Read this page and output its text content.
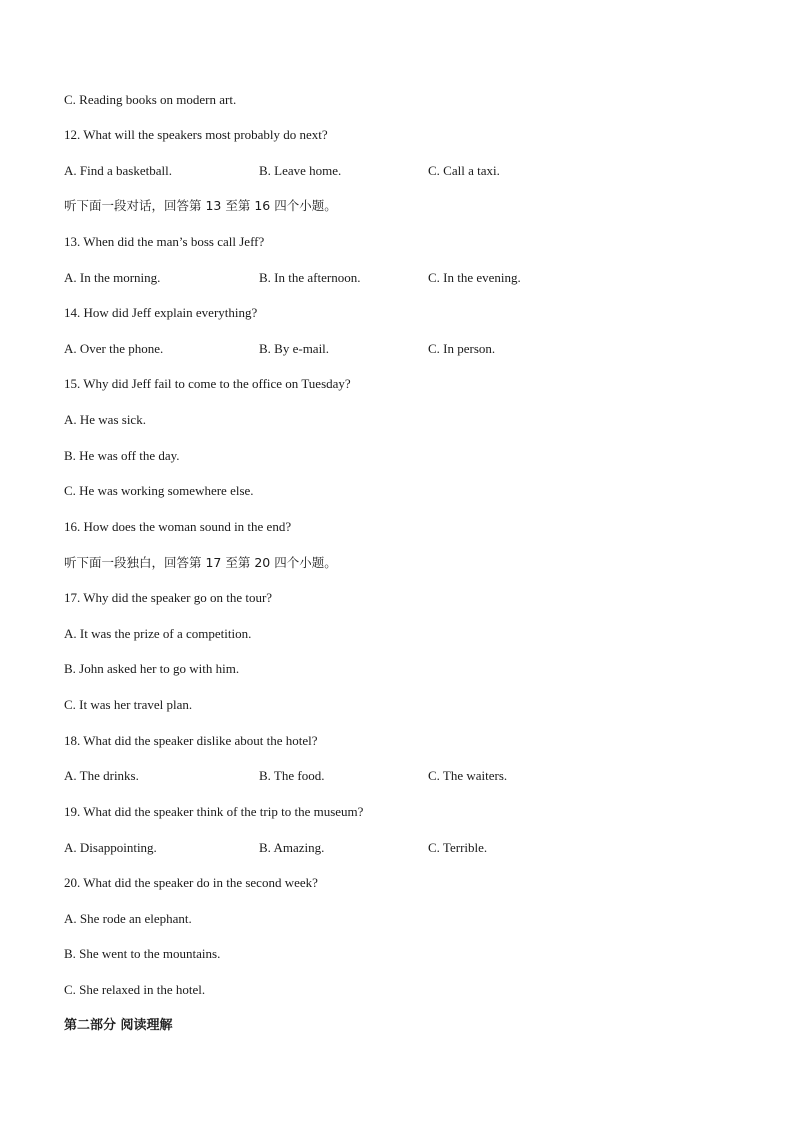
C. Reading books on modern art.
12. What will the speakers most probably do next?
A. Find a basketball.	B. Leave home.	C. Call a taxi.
听下面一段对话，回答第 13 至第 16 四个小题。
13. When did the man’s boss call Jeff?
A. In the morning.	B. In the afternoon.	C. In the evening.
14. How did Jeff explain everything?
A. Over the phone.	B. By e-mail.	C. In person.
15. Why did Jeff fail to come to the office on Tuesday?
A. He was sick.
B. He was off the day.
C. He was working somewhere else.
16. How does the woman sound in the end?
听下面一段独白，回答第 17 至第 20 四个小题。
17. Why did the speaker go on the tour?
A. It was the prize of a competition.
B. John asked her to go with him.
C. It was her travel plan.
18. What did the speaker dislike about the hotel?
A. The drinks.	B. The food.	C. The waiters.
19. What did the speaker think of the trip to the museum?
A. Disappointing.	B. Amazing.	C. Terrible.
20. What did the speaker do in the second week?
A. She rode an elephant.
B. She went to the mountains.
C. She relaxed in the hotel.
第二部分 阅读理解
